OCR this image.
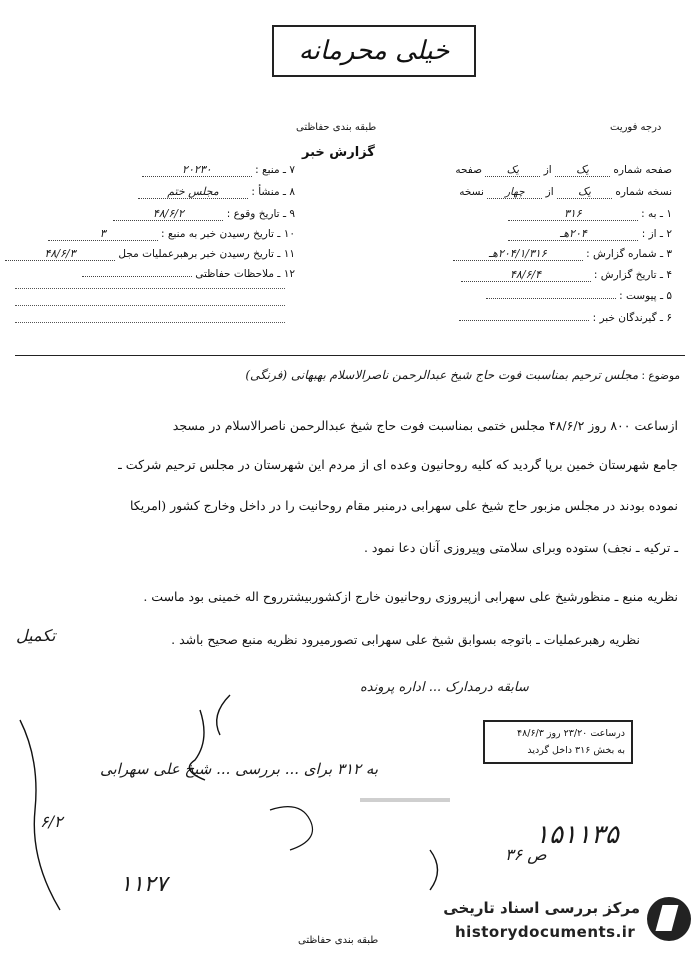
خیلی محرمانه
طبقه بندی حفاظتی	درجه فوریت
گزارش خبر
۷ ـ منبع : ۲۰۲۳۰
۸ ـ منشأ : مجلس ختم
۹ ـ تاریخ وقوع : ۴۸/۶/۲
۱۰ ـ تاریخ رسیدن خبر به منبع : ۳
۱۱ ـ تاریخ رسیدن خبر برهبرعملیات مجل ۴۸/۶/۳
۱۲ ـ ملاحظات حفاظتی
صفحه شماره یک از یک صفحه
نسخه شماره یک از چهار نسخه
۱ ـ به : ۳۱۶
۲ ـ از : ۲۰۴هـ
۳ ـ شماره گزارش : ۲۰۴/۱/۳۱۶هـ
۴ ـ تاریخ گزارش : ۴۸/۶/۴
۵ ـ پیوست :
۶ ـ گیرندگان خبر :
موضوع : مجلس ترحیم بمناسبت فوت حاج شیخ عبدالرحمن ناصرالاسلام بهبهانی (فرنگی)
ازساعت ۸۰۰ روز ۴۸/۶/۲ مجلس ختمی بمناسبت فوت حاج شیخ عبدالرحمن ناصرالاسلام در مسجد
جامع شهرستان خمین برپا گردید که کلیه روحانیون وعده ای از مردم این شهرستان در مجلس ترحیم شرکت ـ
نموده بودند در مجلس مزبور حاج شیخ علی سهرابی درمنبر مقام روحانیت را در داخل وخارج کشور (امریکا
ـ ترکیه ـ نجف) ستوده وبرای سلامتی وپیروزی آنان دعا نمود .
نظریه منبع ـ منظورشیخ علی سهرابی ازپیروزی روحانیون خارج ازکشوربیشترروح اله خمینی بود ماست .
نظریه رهبرعملیات ـ باتوجه بسوابق شیخ علی سهرابی تصورمیرود نظریه منبع صحیح باشد .
تکمیل
سابقه درمدارک ... اداره پرونده
به ۳۱۲ برای ... بررسی ... شیخ علی سهرابی
۶/۲	۱۵۱۱۳۵
۱۱۲۷
۳۶ ص
درساعت ۲۳/۲۰ روز ۴۸/۶/۳
به بخش ۳۱۶ داخل گردید
طبقه بندی حفاظتی
مرکز بررسی اسناد تاریخی
historydocuments.ir
